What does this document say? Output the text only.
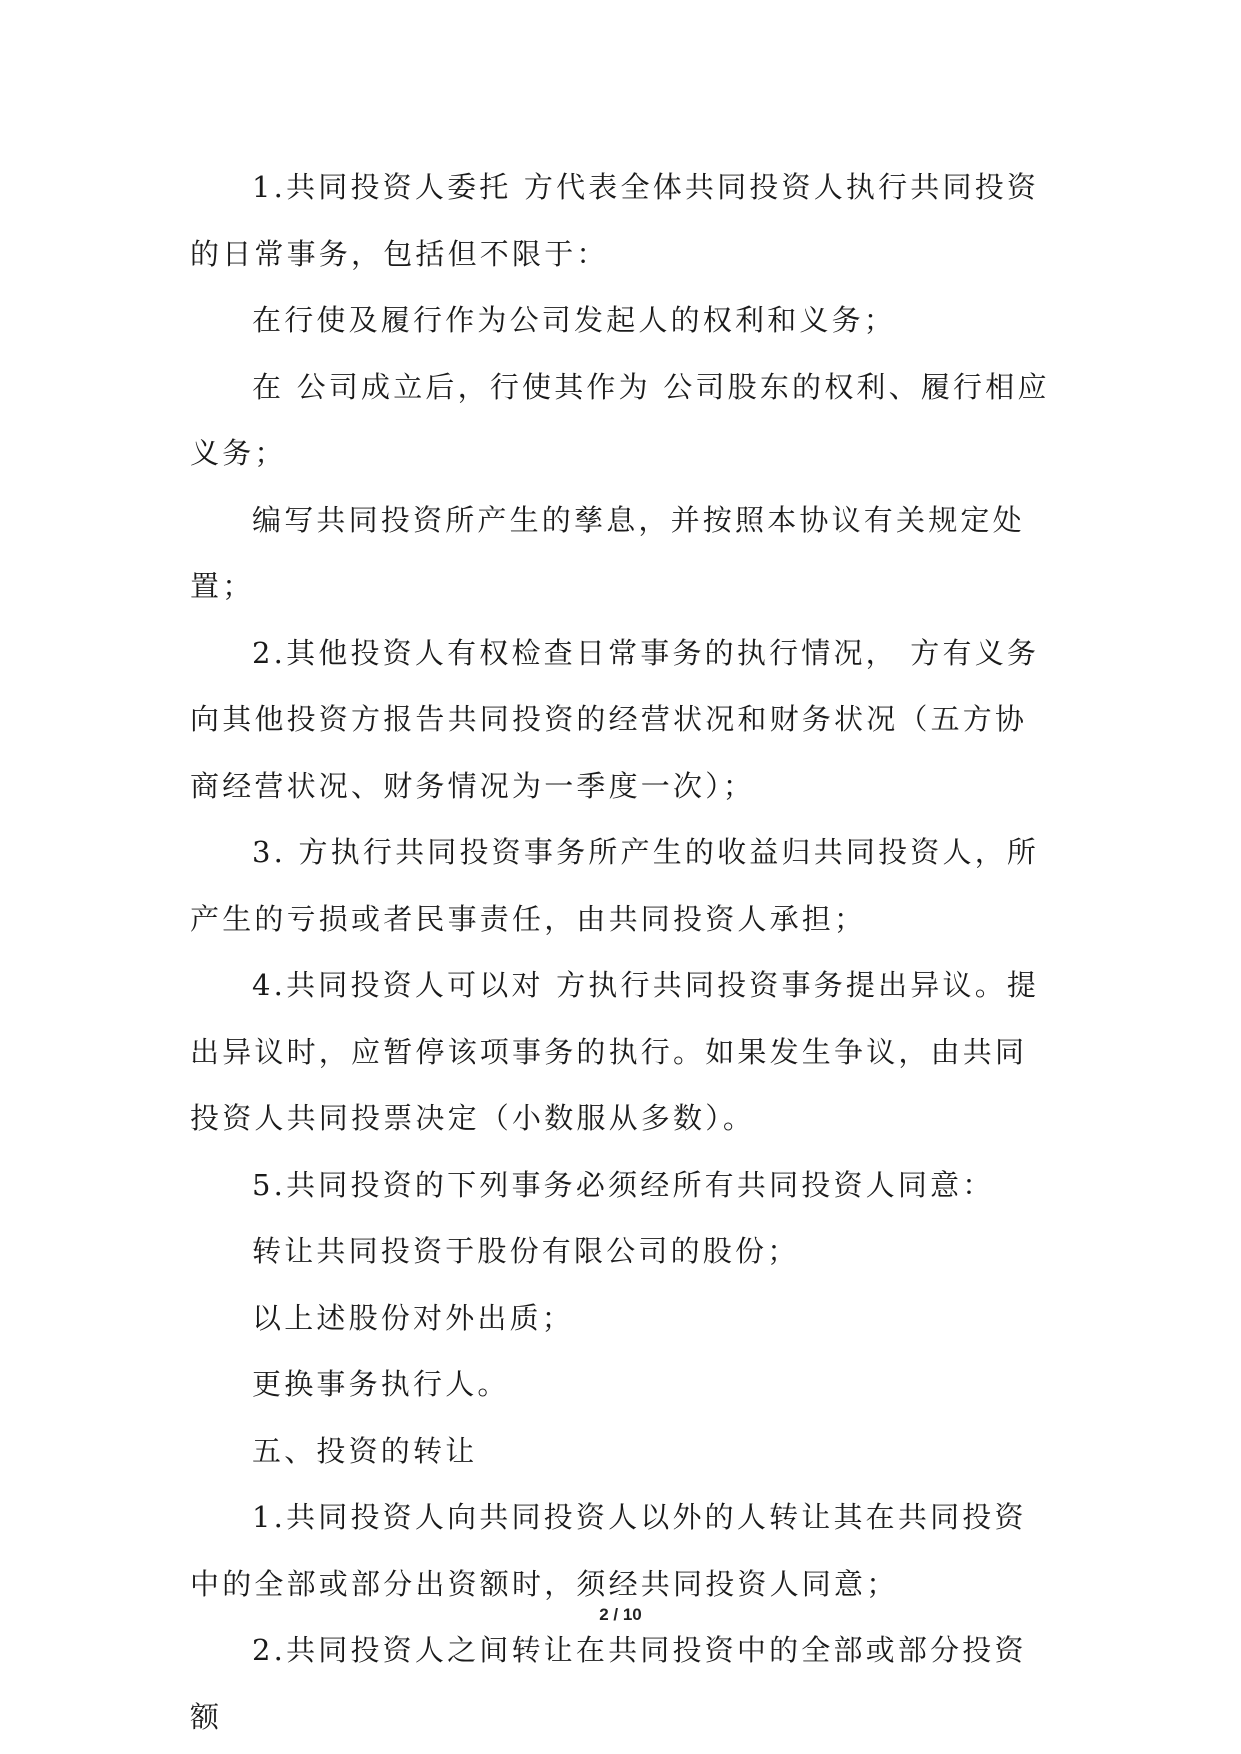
1.共同投资人委托 方代表全体共同投资人执行共同投资的日常事务，包括但不限于：

在行使及履行作为公司发起人的权利和义务；

在 公司成立后，行使其作为 公司股东的权利、履行相应义务；

编写共同投资所产生的孳息，并按照本协议有关规定处置；

2.其他投资人有权检查日常事务的执行情况， 方有义务向其他投资方报告共同投资的经营状况和财务状况（五方协商经营状况、财务情况为一季度一次）；

3. 方执行共同投资事务所产生的收益归共同投资人，所产生的亏损或者民事责任，由共同投资人承担；

4.共同投资人可以对 方执行共同投资事务提出异议。提出异议时，应暂停该项事务的执行。如果发生争议，由共同投资人共同投票决定（小数服从多数）。

5.共同投资的下列事务必须经所有共同投资人同意：

转让共同投资于股份有限公司的股份；

以上述股份对外出质；

更换事务执行人。

五、投资的转让

1.共同投资人向共同投资人以外的人转让其在共同投资中的全部或部分出资额时，须经共同投资人同意；

2.共同投资人之间转让在共同投资中的全部或部分投资额

2 / 10
